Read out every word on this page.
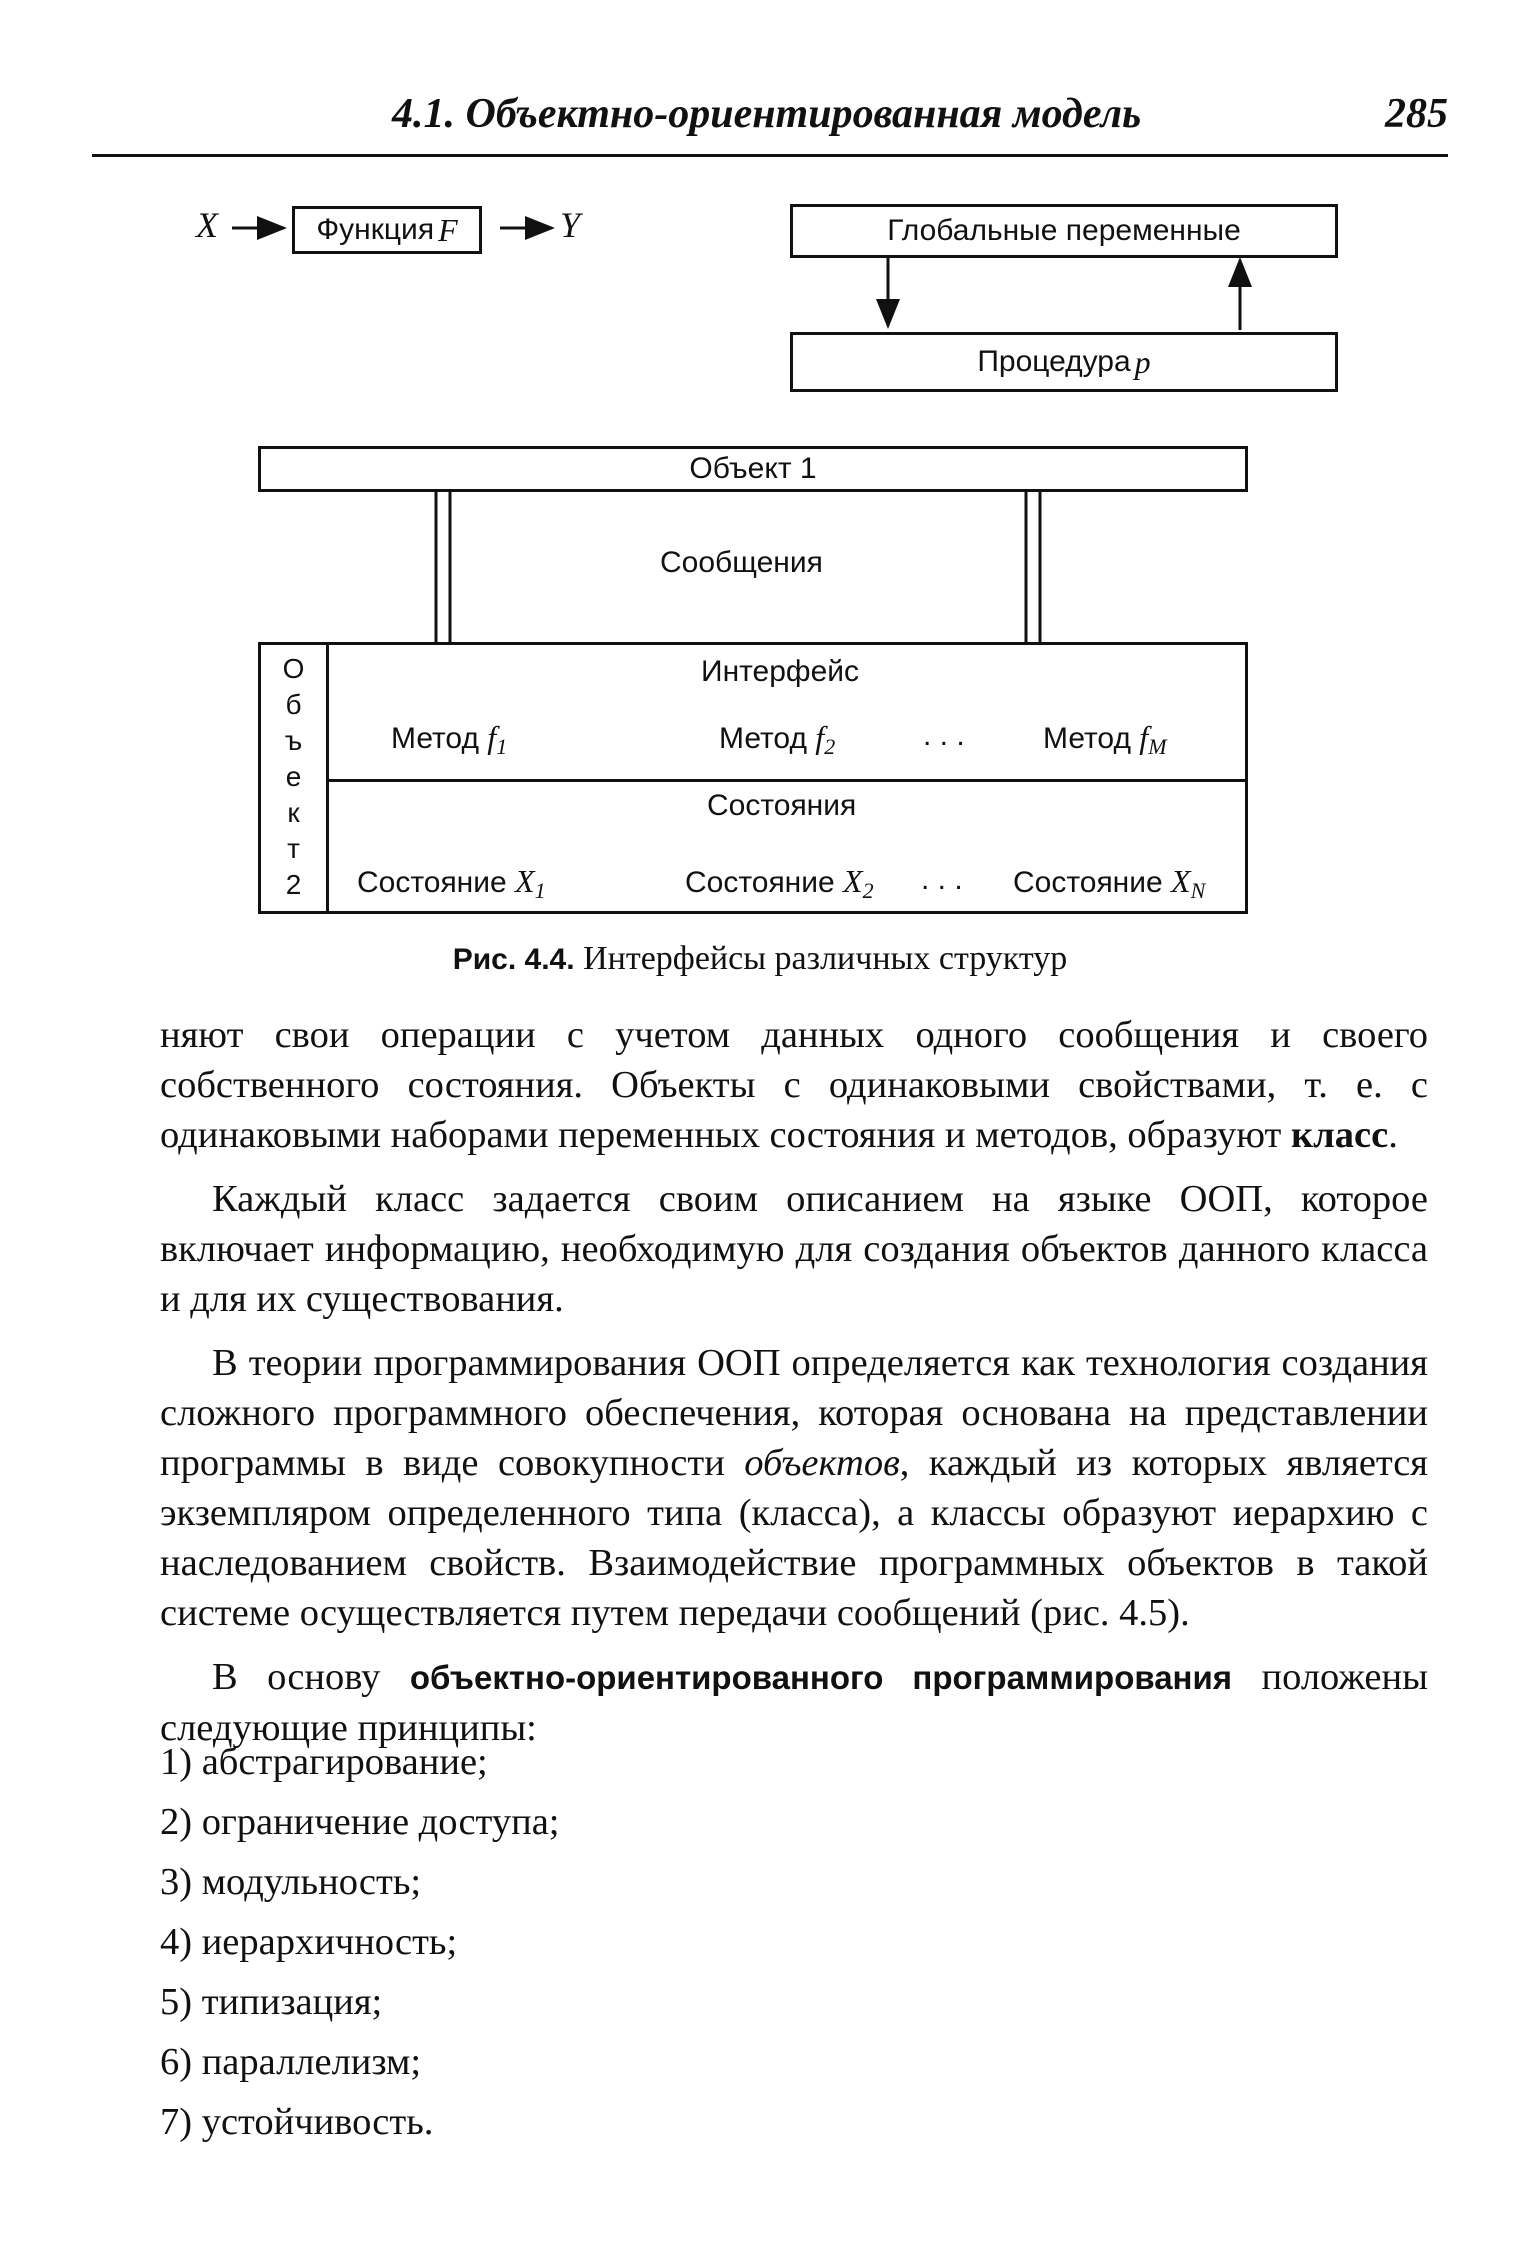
4.1. Объектно-ориентированная модель	285
X	Функция
F	Y	Глобальные переменные
Процедура
p
Объект 1
Сообщения
О
б
ъ
е
к
т
2
Интерфейс
Метод $f_1$	Метод $f_2$	. . .	Метод $f_M$
Состояния
Состояние $X_1$	Состояние $X_2$ . . . Состояние $X_N$
Рис. 4.4. Интерфейсы различных структур

няют свои операции с учетом данных одного сообщения и своего собственного состояния. Объекты с одинаковыми свойствами, т. е. с одинаковыми наборами переменных состояния и методов, образуют класс.

Каждый класс задается своим описанием на языке ООП, которое включает информацию, необходимую для создания объектов данного класса и для их существования.

В теории программирования ООП определяется как технология создания сложного программного обеспечения, которая основана на представлении программы в виде совокупности объектов, каждый из которых является экземпляром определенного типа (класса), а классы образуют иерархию с наследованием свойств. Взаимодействие программных объектов в такой системе осуществляется путем передачи сообщений (рис. 4.5).

В основу объектно-ориентированного программирования положены следующие принципы:

1) абстрагирование;
2) ограничение доступа;
3) модульность;
4) иерархичность;
5) типизация;
6) параллелизм;
7) устойчивость.
